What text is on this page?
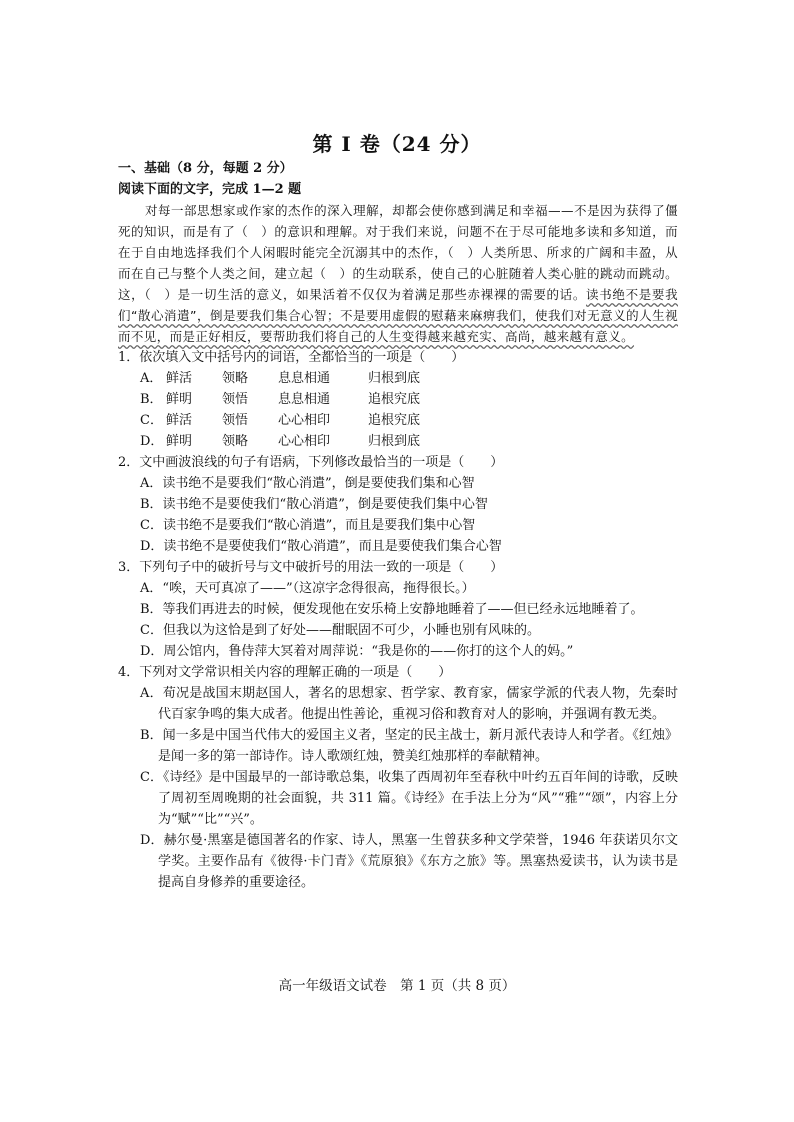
第 I 卷（24 分）
一、基础（8 分，每题 2 分）
阅读下面的文字，完成 1—2 题
对每一部思想家或作家的杰作的深入理解，却都会使你感到满足和幸福——不是因为获得了僵死的知识，而是有了（　）的意识和理解。对于我们来说，问题不在于尽可能地多读和多知道，而在于自由地选择我们个人闲暇时能完全沉溺其中的杰作，（　）人类所思、所求的广阔和丰盈，从而在自己与整个人类之间，建立起（　）的生动联系，使自己的心脏随着人类心脏的跳动而跳动。这，（　）是一切生活的意义，如果活着不仅仅为着满足那些赤裸裸的需要的话。读书绝不是要我们“散心消遣”，倒是要我们集合心智；不是要用虚假的慰藉来麻痹我们，使我们对无意义的人生视而不见，而是正好相反，要帮助我们将自己的人生变得越来越充实、高尚，越来越有意义。
1．依次填入文中括号内的词语，全都恰当的一项是（　　）
A． 鲜活	领略	息息相通	归根到底
B． 鲜明	领悟	息息相通	追根究底
C． 鲜活	领悟	心心相印	追根究底
D． 鲜明	领略	心心相印	归根到底
2．文中画波浪线的句子有语病，下列修改最恰当的一项是（　　）
A．读书绝不是要我们“散心消遣”，倒是要使我们集和心智
B．读书绝不是要使我们“散心消遣”，倒是要使我们集中心智
C．读书绝不是要我们“散心消遣”，而且是要我们集中心智
D．读书绝不是要使我们“散心消遣”，而且是要使我们集合心智
3．下列句子中的破折号与文中破折号的用法一致的一项是（　　）
A．“唉，天可真凉了——”（这凉字念得很高，拖得很长。）
B．等我们再进去的时候，便发现他在安乐椅上安静地睡着了——但已经永远地睡着了。
C．但我以为这恰是到了好处——酣眠固不可少，小睡也别有风味的。
D．周公馆内，鲁侍萍大冥着对周萍说：“我是你的——你打的这个人的妈。”
4．下列对文学常识相关内容的理解正确的一项是（　　）
A．荀况是战国末期赵国人，著名的思想家、哲学家、教育家，儒家学派的代表人物，先秦时代百家争鸣的集大成者。他提出性善论，重视习俗和教育对人的影响，并强调有教无类。
B．闻一多是中国当代伟大的爱国主义者，坚定的民主战士，新月派代表诗人和学者。《红烛》是闻一多的第一部诗作。诗人歌颂红烛，赞美红烛那样的奉献精神。
C．《诗经》是中国最早的一部诗歌总集，收集了西周初年至春秋中叶约五百年间的诗歌，反映了周初至周晚期的社会面貌，共 311 篇。《诗经》在手法上分为“风”“雅”“颂”，内容上分为“赋”“比”“兴”。
D．赫尔曼·黑塞是德国著名的作家、诗人，黑塞一生曾获多种文学荣誉，1946 年获诺贝尔文学奖。主要作品有《彼得·卡门青》《荒原狼》《东方之旅》等。黑塞热爱读书，认为读书是提高自身修养的重要途径。
高一年级语文试卷　第 1 页（共 8 页）
